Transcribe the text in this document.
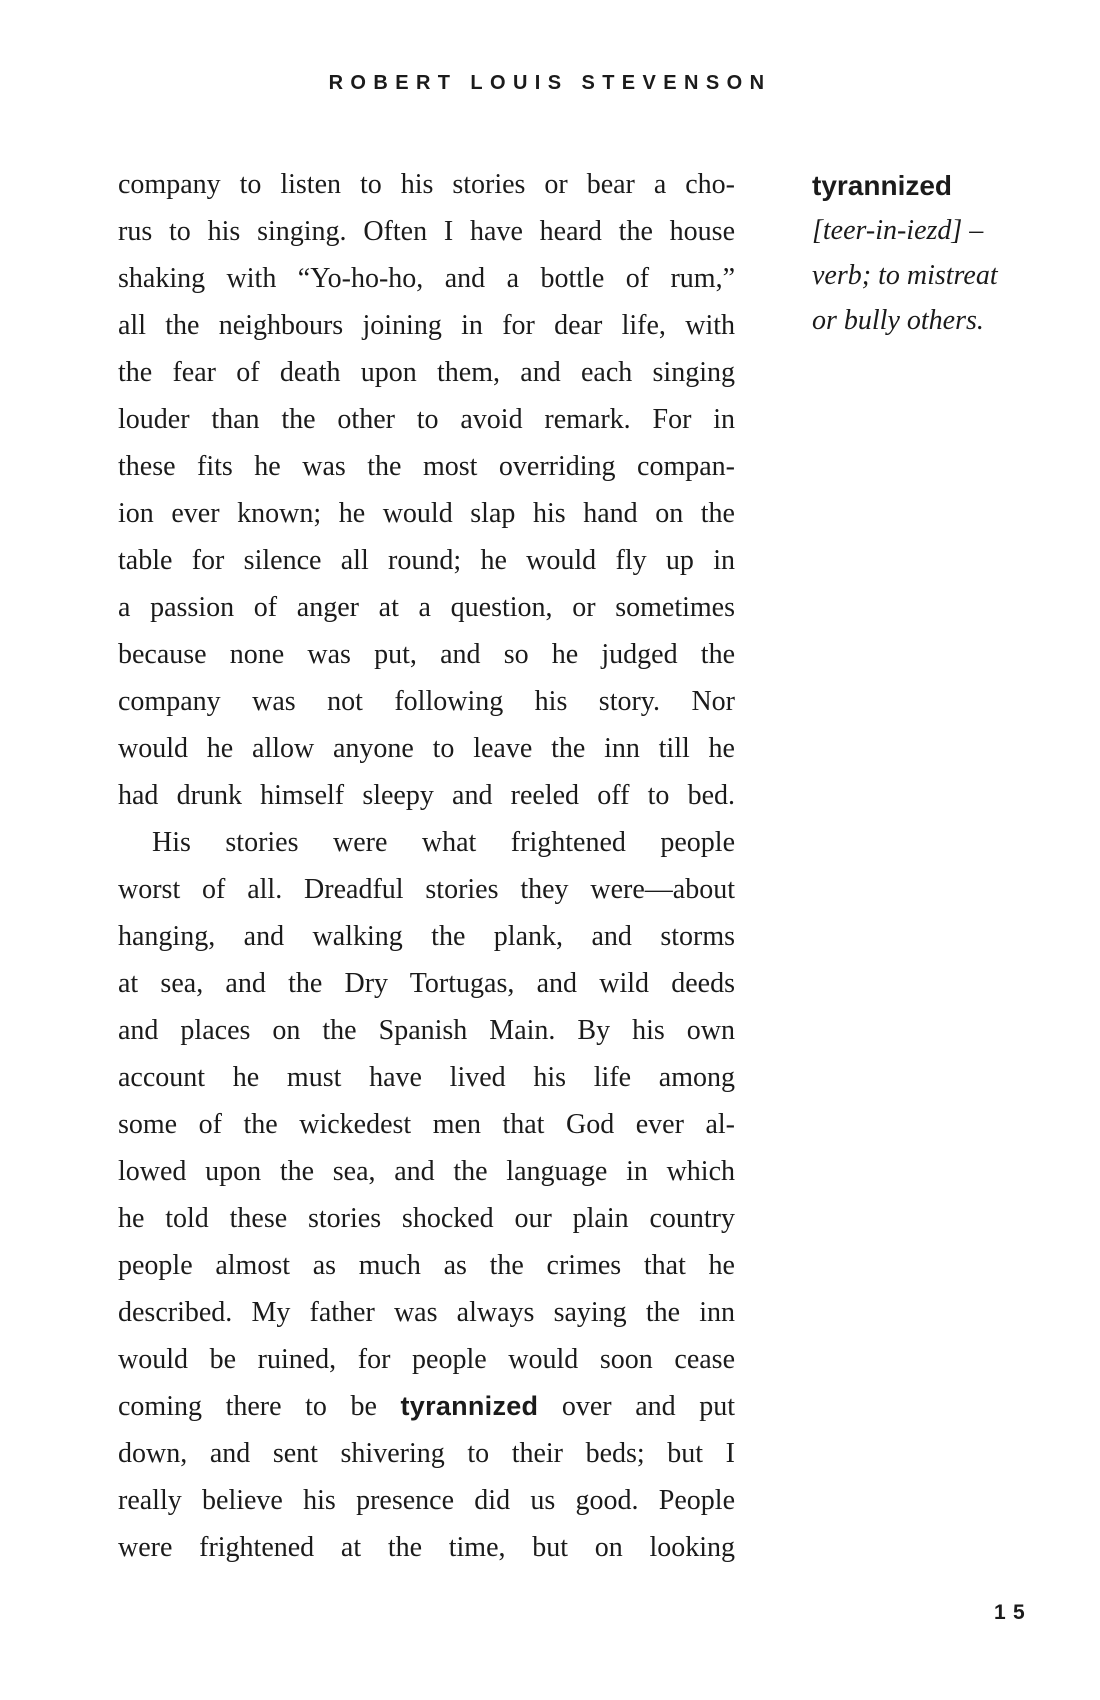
ROBERT LOUIS STEVENSON
company to listen to his stories or bear a cho-
rus to his singing. Often I have heard the house
shaking with “Yo-ho-ho, and a bottle of rum,”
all the neighbours joining in for dear life, with
the fear of death upon them, and each singing
louder than the other to avoid remark. For in
these fits he was the most overriding compan-
ion ever known; he would slap his hand on the
table for silence all round; he would fly up in
a passion of anger at a question, or sometimes
because none was put, and so he judged the
company was not following his story. Nor
would he allow anyone to leave the inn till he
had drunk himself sleepy and reeled off to bed.
His stories were what frightened people
worst of all. Dreadful stories they were—about
hanging, and walking the plank, and storms
at sea, and the Dry Tortugas, and wild deeds
and places on the Spanish Main. By his own
account he must have lived his life among
some of the wickedest men that God ever al-
lowed upon the sea, and the language in which
he told these stories shocked our plain country
people almost as much as the crimes that he
described. My father was always saying the inn
would be ruined, for people would soon cease
coming there to be tyrannized over and put
down, and sent shivering to their beds; but I
really believe his presence did us good. People
were frightened at the time, but on looking
tyrannized
[teer-in-iezd] –
verb; to mistreat
or bully others.
15
